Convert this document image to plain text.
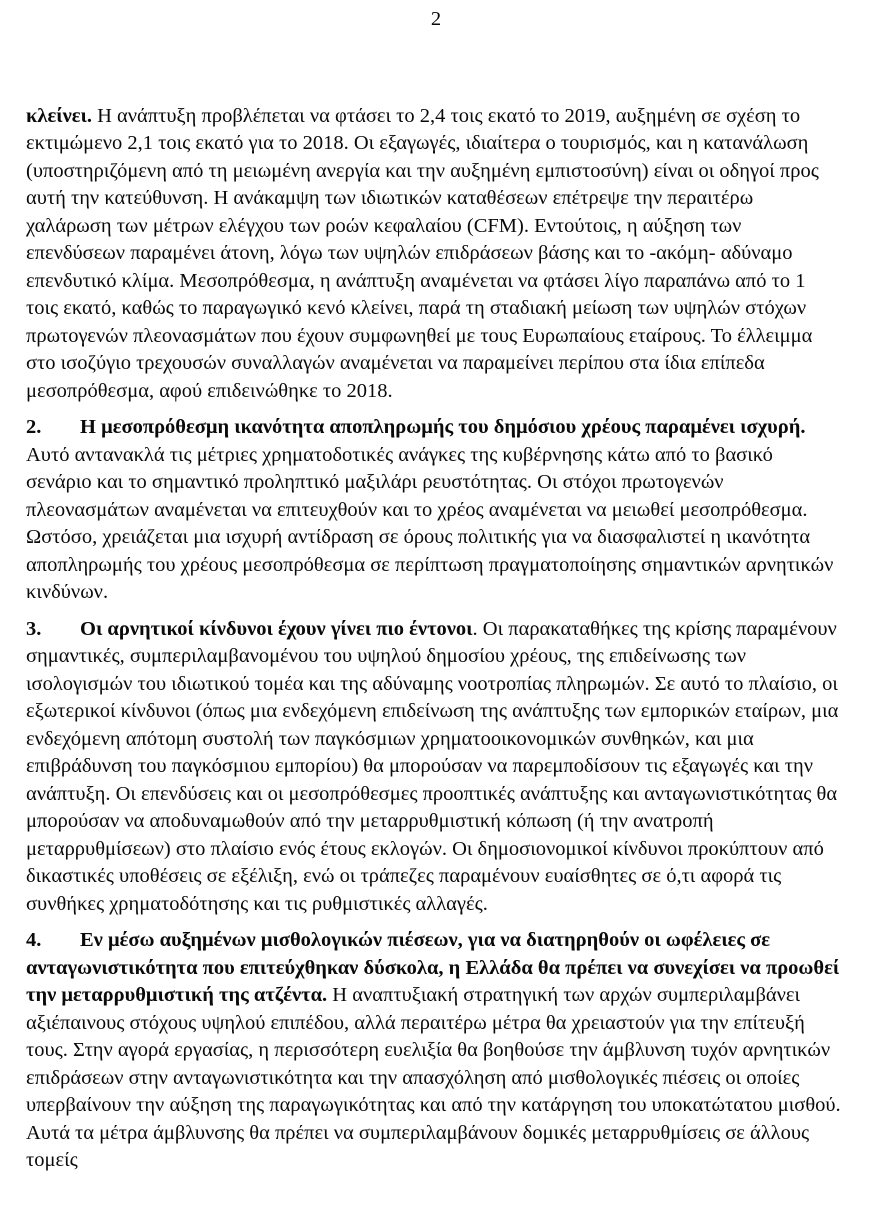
2

κλείνει. Η ανάπτυξη προβλέπεται να φτάσει το 2,4 τοις εκατό το 2019, αυξημένη σε σχέση το εκτιμώμενο 2,1 τοις εκατό για το 2018. Οι εξαγωγές, ιδιαίτερα ο τουρισμός, και η κατανάλωση (υποστηριζόμενη από τη μειωμένη ανεργία και την αυξημένη εμπιστοσύνη) είναι οι οδηγοί προς αυτή την κατεύθυνση. Η ανάκαμψη των ιδιωτικών καταθέσεων επέτρεψε την περαιτέρω χαλάρωση των μέτρων ελέγχου των ροών κεφαλαίου (CFM). Εντούτοις, η αύξηση των επενδύσεων παραμένει άτονη, λόγω των υψηλών επιδράσεων βάσης και το -ακόμη- αδύναμο επενδυτικό κλίμα. Μεσοπρόθεσμα, η ανάπτυξη αναμένεται να φτάσει λίγο παραπάνω από το 1 τοις εκατό, καθώς το παραγωγικό κενό κλείνει, παρά τη σταδιακή μείωση των υψηλών στόχων πρωτογενών πλεονασμάτων που έχουν συμφωνηθεί με τους Ευρωπαίους εταίρους. Το έλλειμμα στο ισοζύγιο τρεχουσών συναλλαγών αναμένεται να παραμείνει περίπου στα ίδια επίπεδα μεσοπρόθεσμα, αφού επιδεινώθηκε το 2018.

2. Η μεσοπρόθεσμη ικανότητα αποπληρωμής του δημόσιου χρέους παραμένει ισχυρή. Αυτό αντανακλά τις μέτριες χρηματοδοτικές ανάγκες της κυβέρνησης κάτω από το βασικό σενάριο και το σημαντικό προληπτικό μαξιλάρι ρευστότητας. Οι στόχοι πρωτογενών πλεονασμάτων αναμένεται να επιτευχθούν και το χρέος αναμένεται να μειωθεί μεσοπρόθεσμα. Ωστόσο, χρειάζεται μια ισχυρή αντίδραση σε όρους πολιτικής για να διασφαλιστεί η ικανότητα αποπληρωμής του χρέους μεσοπρόθεσμα σε περίπτωση πραγματοποίησης σημαντικών αρνητικών κινδύνων.

3. Οι αρνητικοί κίνδυνοι έχουν γίνει πιο έντονοι. Οι παρακαταθήκες της κρίσης παραμένουν σημαντικές, συμπεριλαμβανομένου του υψηλού δημοσίου χρέους, της επιδείνωσης των ισολογισμών του ιδιωτικού τομέα και της αδύναμης νοοτροπίας πληρωμών. Σε αυτό το πλαίσιο, οι εξωτερικοί κίνδυνοι (όπως μια ενδεχόμενη επιδείνωση της ανάπτυξης των εμπορικών εταίρων, μια ενδεχόμενη απότομη συστολή των παγκόσμιων χρηματοοικονομικών συνθηκών, και μια επιβράδυνση του παγκόσμιου εμπορίου) θα μπορούσαν να παρεμποδίσουν τις εξαγωγές και την ανάπτυξη. Οι επενδύσεις και οι μεσοπρόθεσμες προοπτικές ανάπτυξης και ανταγωνιστικότητας θα μπορούσαν να αποδυναμωθούν από την μεταρρυθμιστική κόπωση (ή την ανατροπή μεταρρυθμίσεων) στο πλαίσιο ενός έτους εκλογών. Οι δημοσιονομικοί κίνδυνοι προκύπτουν από δικαστικές υποθέσεις σε εξέλιξη, ενώ οι τράπεζες παραμένουν ευαίσθητες σε ό,τι αφορά τις συνθήκες χρηματοδότησης και τις ρυθμιστικές αλλαγές.

4. Εν μέσω αυξημένων μισθολογικών πιέσεων, για να διατηρηθούν οι ωφέλειες σε ανταγωνιστικότητα που επιτεύχθηκαν δύσκολα, η Ελλάδα θα πρέπει να συνεχίσει να προωθεί την μεταρρυθμιστική της ατζέντα. Η αναπτυξιακή στρατηγική των αρχών συμπεριλαμβάνει αξιέπαινους στόχους υψηλού επιπέδου, αλλά περαιτέρω μέτρα θα χρειαστούν για την επίτευξή τους. Στην αγορά εργασίας, η περισσότερη ευελιξία θα βοηθούσε την άμβλυνση τυχόν αρνητικών επιδράσεων στην ανταγωνιστικότητα και την απασχόληση από μισθολογικές πιέσεις οι οποίες υπερβαίνουν την αύξηση της παραγωγικότητας και από την κατάργηση του υποκατώτατου μισθού. Αυτά τα μέτρα άμβλυνσης θα πρέπει να συμπεριλαμβάνουν δομικές μεταρρυθμίσεις σε άλλους τομείς
